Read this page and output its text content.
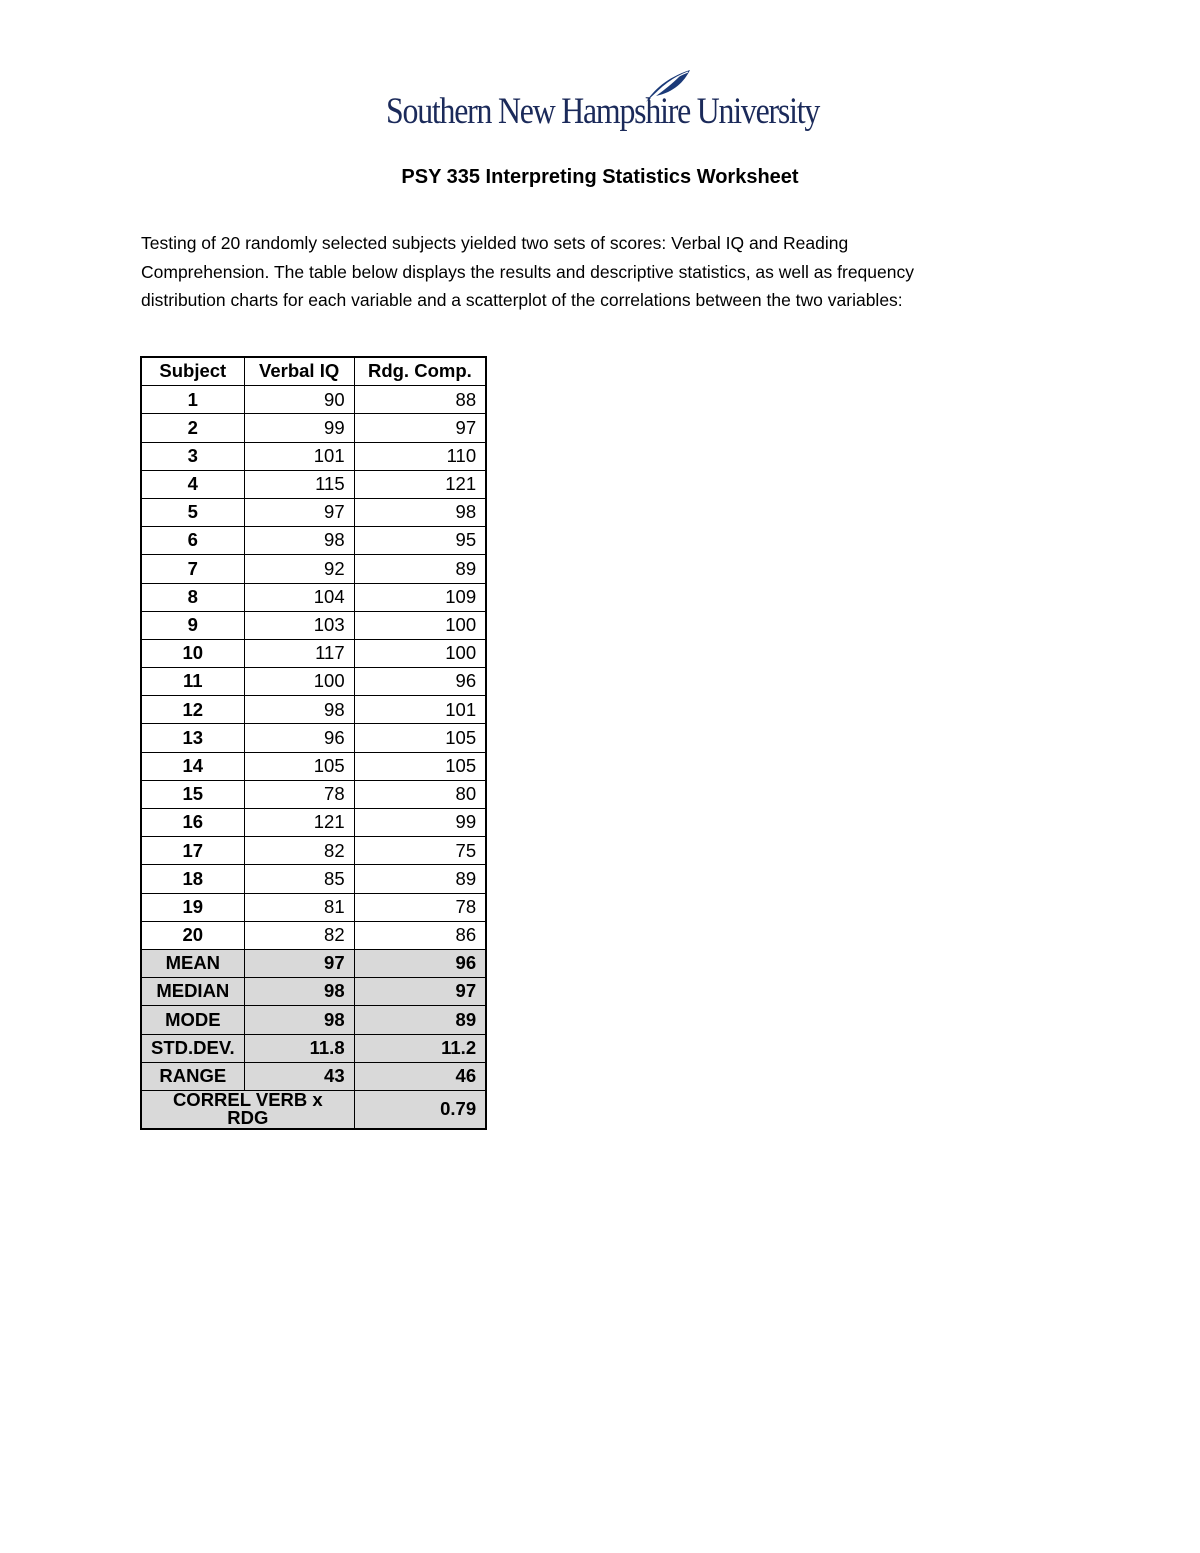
Southern New Hampshire University
PSY 335 Interpreting Statistics Worksheet
Testing of 20 randomly selected subjects yielded two sets of scores: Verbal IQ and Reading
Comprehension. The table below displays the results and descriptive statistics, as well as frequency
distribution charts for each variable and a scatterplot of the correlations between the two variables:
Subject	Verbal IQ	Rdg. Comp.
1	90	88
2	99	97
3	101	110
4	115	121
5	97	98
6	98	95
7	92	89
8	104	109
9	103	100
10	117	100
11	100	96
12	98	101
13	96	105
14	105	105
15	78	80
16	121	99
17	82	75
18	85	89
19	81	78
20	82	86
MEAN	97	96
MEDIAN	98	97
MODE	98	89
STD.DEV.	11.8	11.2
RANGE	43	46
CORREL VERB x RDG		0.79
